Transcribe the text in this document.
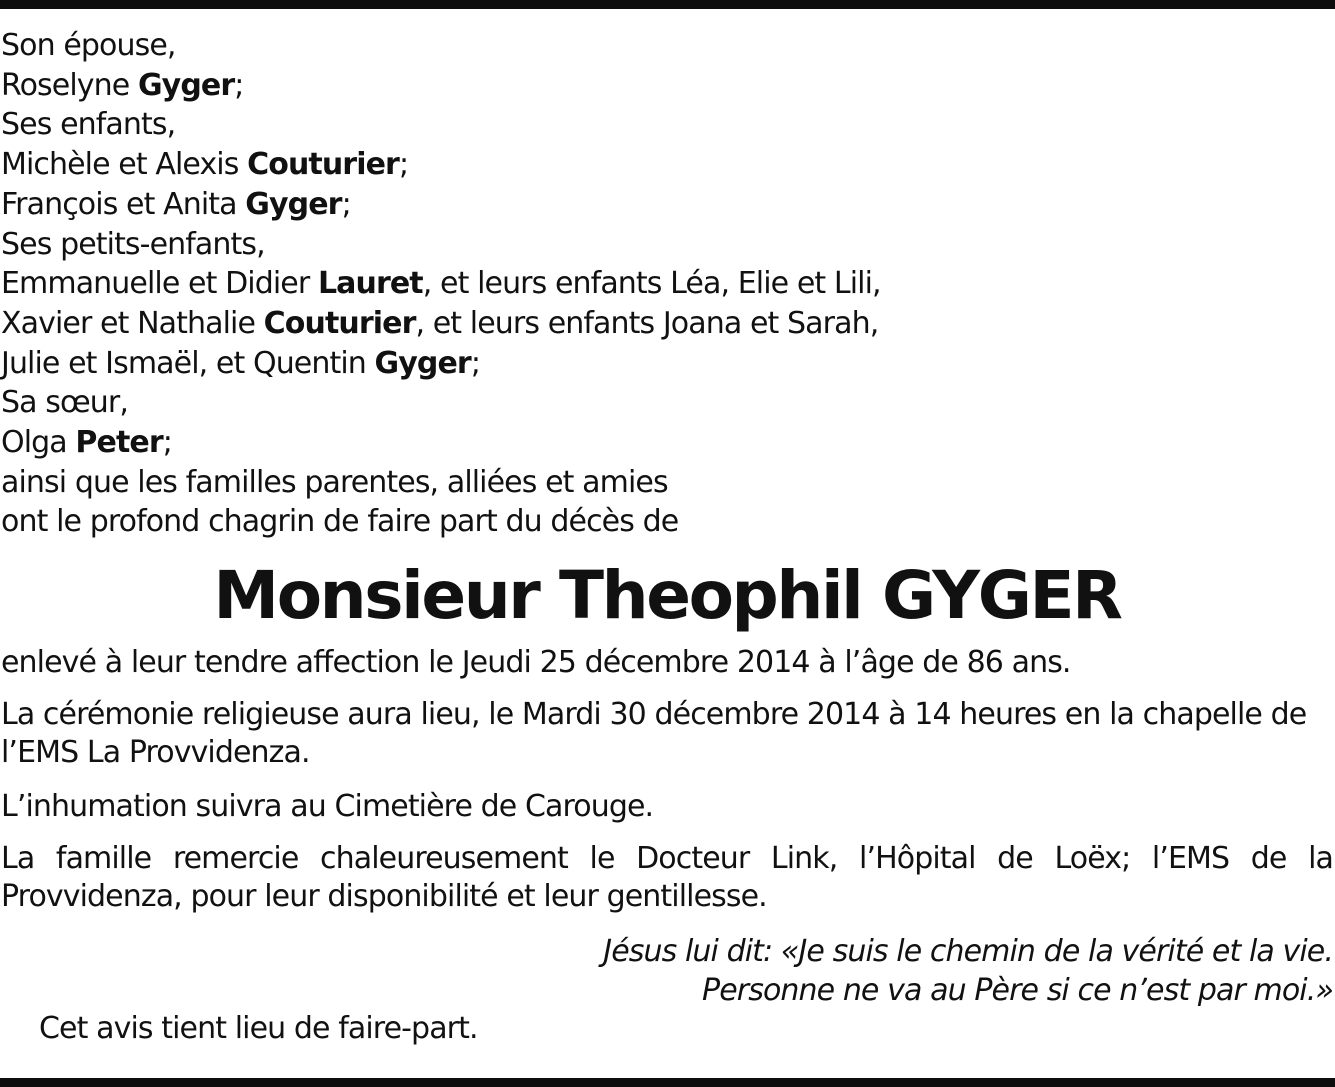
Son épouse,
Roselyne Gyger;
Ses enfants,
Michèle et Alexis Couturier;
François et Anita Gyger;
Ses petits-enfants,
Emmanuelle et Didier Lauret, et leurs enfants Léa, Elie et Lili,
Xavier et Nathalie Couturier, et leurs enfants Joana et Sarah,
Julie et Ismaël, et Quentin Gyger;
Sa sœur,
Olga Peter;
ainsi que les familles parentes, alliées et amies
ont le profond chagrin de faire part du décès de
Monsieur Theophil GYGER
enlevé à leur tendre affection le Jeudi 25 décembre 2014 à l’âge de 86 ans.
La cérémonie religieuse aura lieu, le Mardi 30 décembre 2014 à 14 heures en la chapelle de l’EMS La Provvidenza.
L’inhumation suivra au Cimetière de Carouge.
La famille remercie chaleureusement le Docteur Link, l’Hôpital de Loëx; l’EMS de la Provvidenza, pour leur disponibilité et leur gentillesse.
Jésus lui dit: «Je suis le chemin de la vérité et la vie.
Personne ne va au Père si ce n’est par moi.»
Cet avis tient lieu de faire-part.
